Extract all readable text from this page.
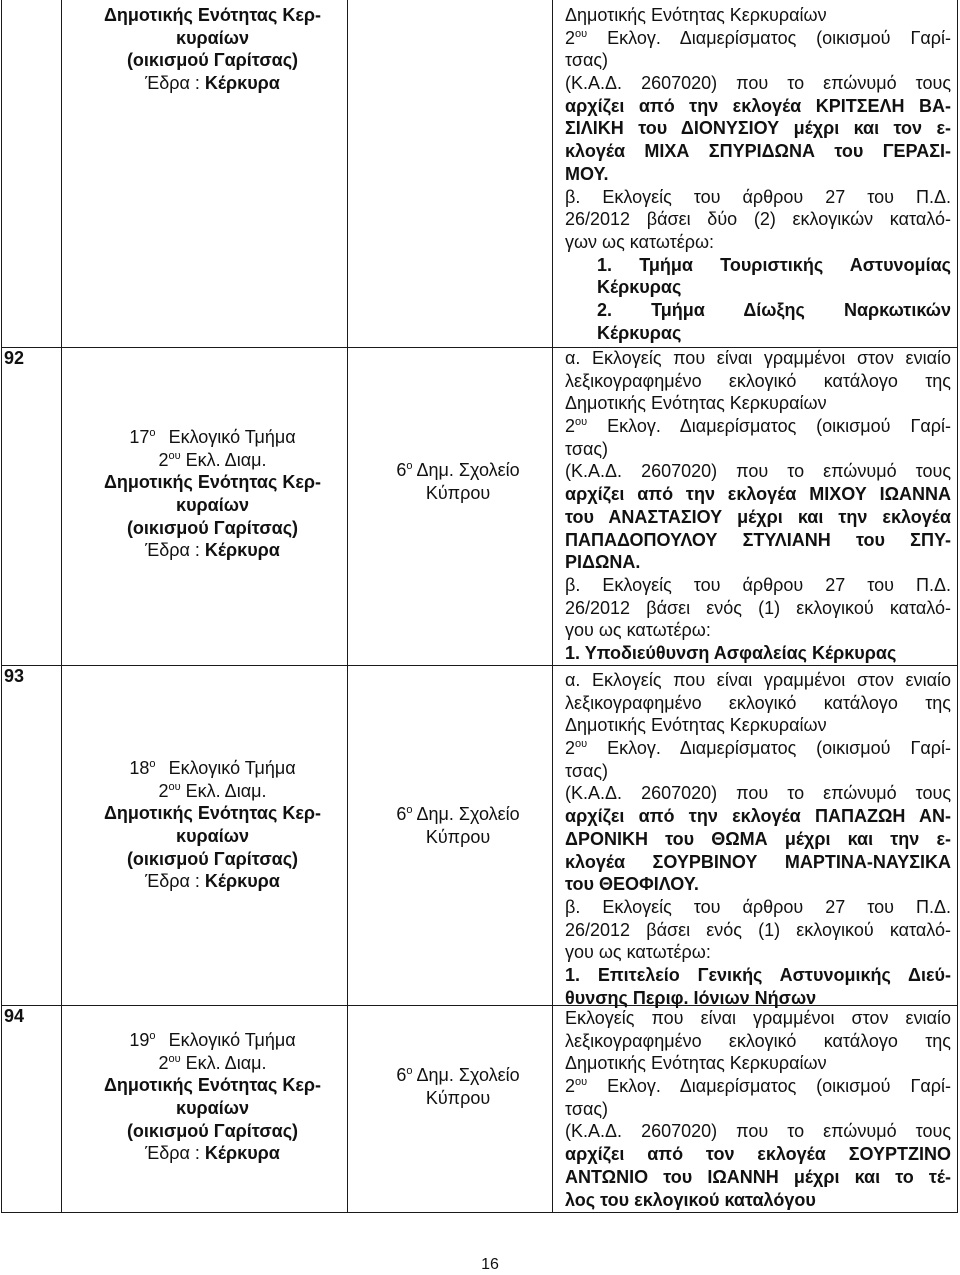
Δημοτικής Ενότητας Κερ-
κυραίων
(οικισμού Γαρίτσας)
Έδρα : Κέρκυρα
Δημοτικής Ενότητας Κερκυραίων
$2^{o\upsilon}$ Εκλογ. Διαμερίσματος (οικισμού Γαρί-
τσας)
(Κ.Α.Δ. 2607020) που το επώνυμό τους
αρχίζει από την εκλογέα ΚΡΙΤΣΕΛΗ ΒΑ-
ΣΙΛΙΚΗ του ΔΙΟΝΥΣΙΟΥ μέχρι και τον ε-
κλογέα ΜΙΧΑ ΣΠΥΡΙΔΩΝΑ του ΓΕΡΑΣΙ-
ΜΟΥ.
β. Εκλογείς του άρθρου 27 του Π.Δ.
26/2012 βάσει δύο (2) εκλογικών καταλό-
γων ως κατωτέρω:
1. Τμήμα Τουριστικής Αστυνομίας
Κέρκυρας
2. Τμήμα Δίωξης Ναρκωτικών
Κέρκυρας
92
$17^o$ Εκλογικό Τμήμα
$2^{o\upsilon}$ Εκλ. Διαμ.
Δημοτικής Ενότητας Κερ-
κυραίων
(οικισμού Γαρίτσας)
Έδρα : Κέρκυρα
$6^o$ Δημ. Σχολείο
Κύπρου
α. Εκλογείς που είναι γραμμένοι στον ενιαίο
λεξικογραφημένο εκλογικό κατάλογο της
Δημοτικής Ενότητας Κερκυραίων
$2^{o\upsilon}$ Εκλογ. Διαμερίσματος (οικισμού Γαρί-
τσας)
(Κ.Α.Δ. 2607020) που το επώνυμό τους
αρχίζει από την εκλογέα ΜΙΧΟΥ ΙΩΑΝΝΑ
του ΑΝΑΣΤΑΣΙΟΥ μέχρι και την εκλογέα
ΠΑΠΑΔΟΠΟΥΛΟΥ ΣΤΥΛΙΑΝΗ του ΣΠΥ-
ΡΙΔΩΝΑ.
β. Εκλογείς του άρθρου 27 του Π.Δ.
26/2012 βάσει ενός (1) εκλογικού καταλό-
γου ως κατωτέρω:
1. Υποδιεύθυνση Ασφαλείας Κέρκυρας
93
$18^o$ Εκλογικό Τμήμα
$2^{o\upsilon}$ Εκλ. Διαμ.
Δημοτικής Ενότητας Κερ-
κυραίων
(οικισμού Γαρίτσας)
Έδρα : Κέρκυρα
$6^o$ Δημ. Σχολείο
Κύπρου
α. Εκλογείς που είναι γραμμένοι στον ενιαίο
λεξικογραφημένο εκλογικό κατάλογο της
Δημοτικής Ενότητας Κερκυραίων
$2^{o\upsilon}$ Εκλογ. Διαμερίσματος (οικισμού Γαρί-
τσας)
(Κ.Α.Δ. 2607020) που το επώνυμό τους
αρχίζει από την εκλογέα ΠΑΠΑΖΩΗ ΑΝ-
ΔΡΟΝΙΚΗ του ΘΩΜΑ μέχρι και την ε-
κλογέα ΣΟΥΡΒΙΝΟΥ ΜΑΡΤΙΝΑ-ΝΑΥΣΙΚΑ
του ΘΕΟΦΙΛΟΥ.
β. Εκλογείς του άρθρου 27 του Π.Δ.
26/2012 βάσει ενός (1) εκλογικού καταλό-
γου ως κατωτέρω:
1. Επιτελείο Γενικής Αστυνομικής Διεύ-
θυνσης Περιφ. Ιόνιων Νήσων
94
$19^o$ Εκλογικό Τμήμα
$2^{o\upsilon}$ Εκλ. Διαμ.
Δημοτικής Ενότητας Κερ-
κυραίων
(οικισμού Γαρίτσας)
Έδρα : Κέρκυρα
$6^o$ Δημ. Σχολείο
Κύπρου
Εκλογείς που είναι γραμμένοι στον ενιαίο
λεξικογραφημένο εκλογικό κατάλογο της
Δημοτικής Ενότητας Κερκυραίων
$2^{o\upsilon}$ Εκλογ. Διαμερίσματος (οικισμού Γαρί-
τσας)
(Κ.Α.Δ. 2607020) που το επώνυμό τους
αρχίζει από τον εκλογέα ΣΟΥΡΤΖΙΝΟ
ΑΝΤΩΝΙΟ του ΙΩΑΝΝΗ μέχρι και το τέ-
λος του εκλογικού καταλόγου
16
